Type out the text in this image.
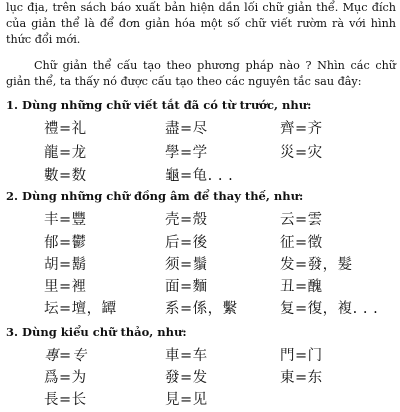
lục địa, trên sách báo xuất bản hiện dần lối chữ giản thể. Mục đích của giản thể là để đơn giản hóa một số chữ viết rườm rà với hình thức đổi mới.

Chữ giản thể cấu tạo theo phương pháp nào ? Nhìn các chữ giản thể, ta thấy nó được cấu tạo theo các nguyên tắc sau đây:

1. Dùng những chữ viết tắt đã có từ trước, như:
禮=礼	盡=尽	齊=齐
龍=龙	學=学	災=灾
數=数	龜=龟. . .
2. Dùng những chữ đồng âm để thay thế, như:
丰=豐	壳=殼	云=雲
郁=鬱	后=後	征=徵
胡=鬍	须=鬚	发=發，髮
里=裡	面=麵	丑=醜
坛=壇，罈	系=係，繫	复=復，複. . .
3. Dùng kiểu chữ thảo, như:
專=专	車=车	門=门
爲=为	發=发	東=东
長=长	見=见
